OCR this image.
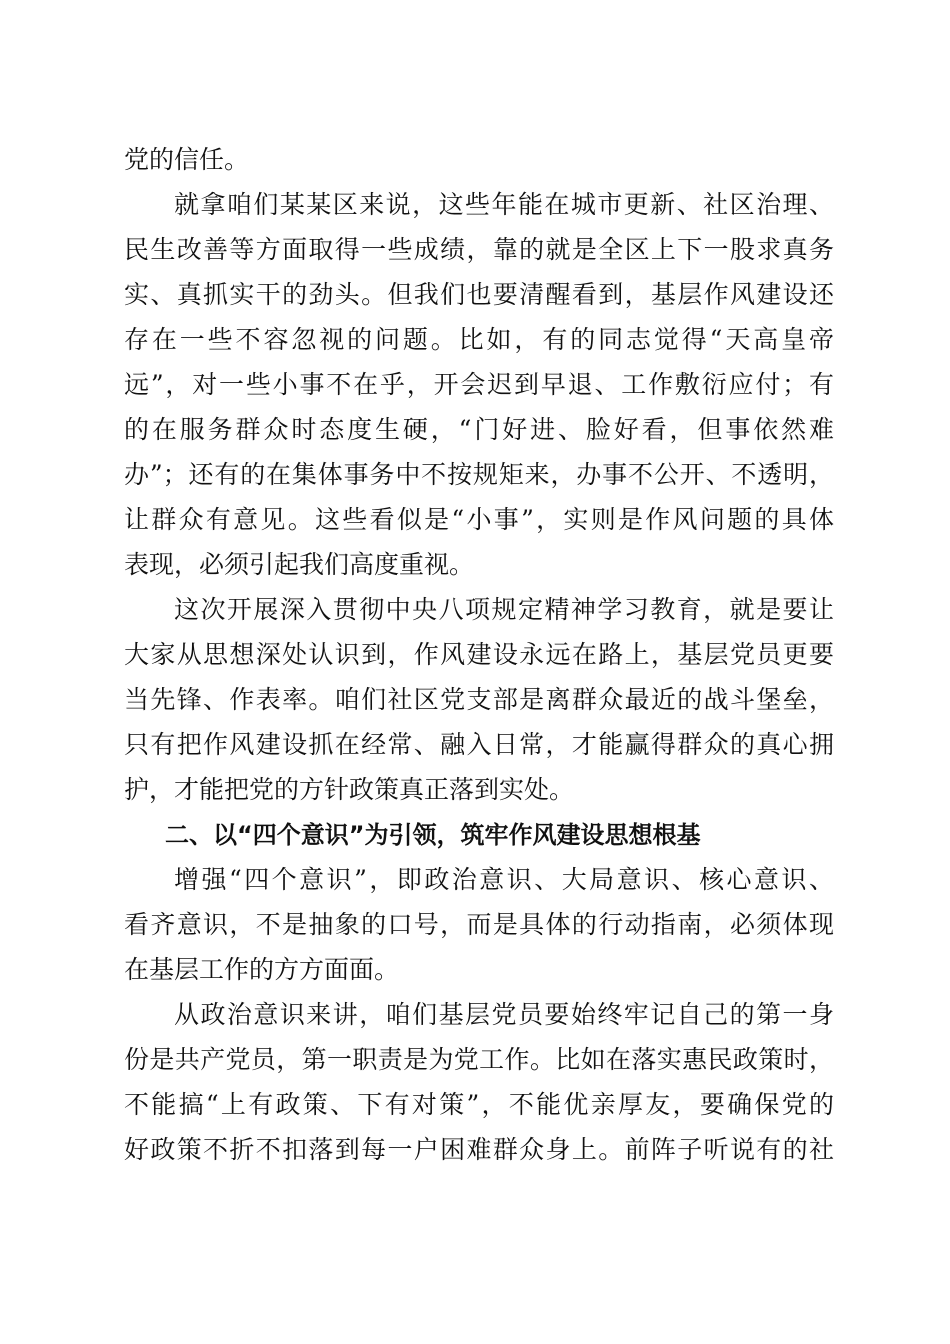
党的信任。
就拿咱们某某区来说，这些年能在城市更新、社区治理、
民生改善等方面取得一些成绩，靠的就是全区上下一股求真务
实、真抓实干的劲头。但我们也要清醒看到，基层作风建设还
存在一些不容忽视的问题。比如，有的同志觉得“天高皇帝
远”，对一些小事不在乎，开会迟到早退、工作敷衍应付；有
的在服务群众时态度生硬，“门好进、脸好看，但事依然难
办”；还有的在集体事务中不按规矩来，办事不公开、不透明，
让群众有意见。这些看似是“小事”，实则是作风问题的具体
表现，必须引起我们高度重视。
这次开展深入贯彻中央八项规定精神学习教育，就是要让
大家从思想深处认识到，作风建设永远在路上，基层党员更要
当先锋、作表率。咱们社区党支部是离群众最近的战斗堡垒，
只有把作风建设抓在经常、融入日常，才能赢得群众的真心拥
护，才能把党的方针政策真正落到实处。
二、以“四个意识”为引领，筑牢作风建设思想根基
增强“四个意识”，即政治意识、大局意识、核心意识、
看齐意识，不是抽象的口号，而是具体的行动指南，必须体现
在基层工作的方方面面。
从政治意识来讲，咱们基层党员要始终牢记自己的第一身
份是共产党员，第一职责是为党工作。比如在落实惠民政策时，
不能搞“上有政策、下有对策”，不能优亲厚友，要确保党的
好政策不折不扣落到每一户困难群众身上。前阵子听说有的社
